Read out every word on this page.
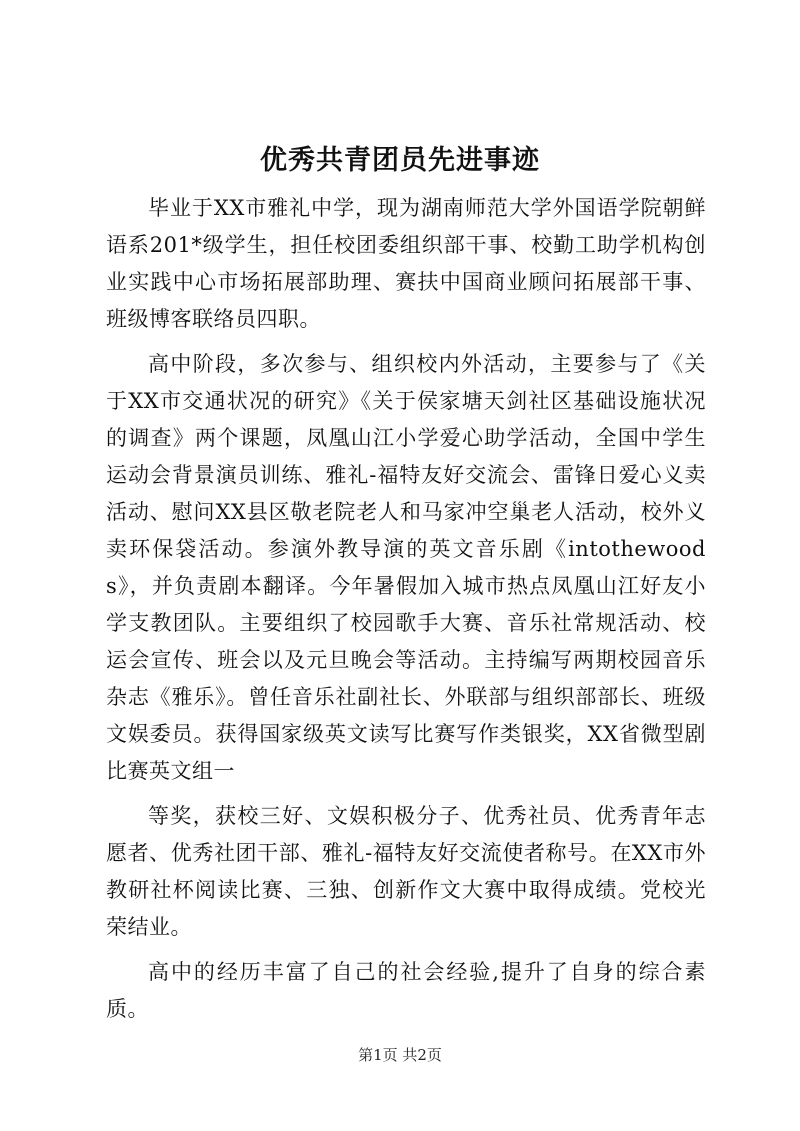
优秀共青团员先进事迹

毕业于XX市雅礼中学，现为湖南师范大学外国语学院朝鲜语系201*级学生，担任校团委组织部干事、校勤工助学机构创业实践中心市场拓展部助理、赛扶中国商业顾问拓展部干事、班级博客联络员四职。

高中阶段，多次参与、组织校内外活动，主要参与了《关于XX市交通状况的研究》《关于侯家塘天剑社区基础设施状况的调查》两个课题，凤凰山江小学爱心助学活动，全国中学生运动会背景演员训练、雅礼-福特友好交流会、雷锋日爱心义卖活动、慰问XX县区敬老院老人和马家冲空巢老人活动，校外义卖环保袋活动。参演外教导演的英文音乐剧《intothewoods》，并负责剧本翻译。今年暑假加入城市热点凤凰山江好友小学支教团队。主要组织了校园歌手大赛、音乐社常规活动、校运会宣传、班会以及元旦晚会等活动。主持编写两期校园音乐杂志《雅乐》。曾任音乐社副社长、外联部与组织部部长、班级文娱委员。获得国家级英文读写比赛写作类银奖，XX省微型剧比赛英文组一

等奖，获校三好、文娱积极分子、优秀社员、优秀青年志愿者、优秀社团干部、雅礼-福特友好交流使者称号。在XX市外教研社杯阅读比赛、三独、创新作文大赛中取得成绩。党校光荣结业。

高中的经历丰富了自己的社会经验,提升了自身的综合素质。

第1页 共2页
